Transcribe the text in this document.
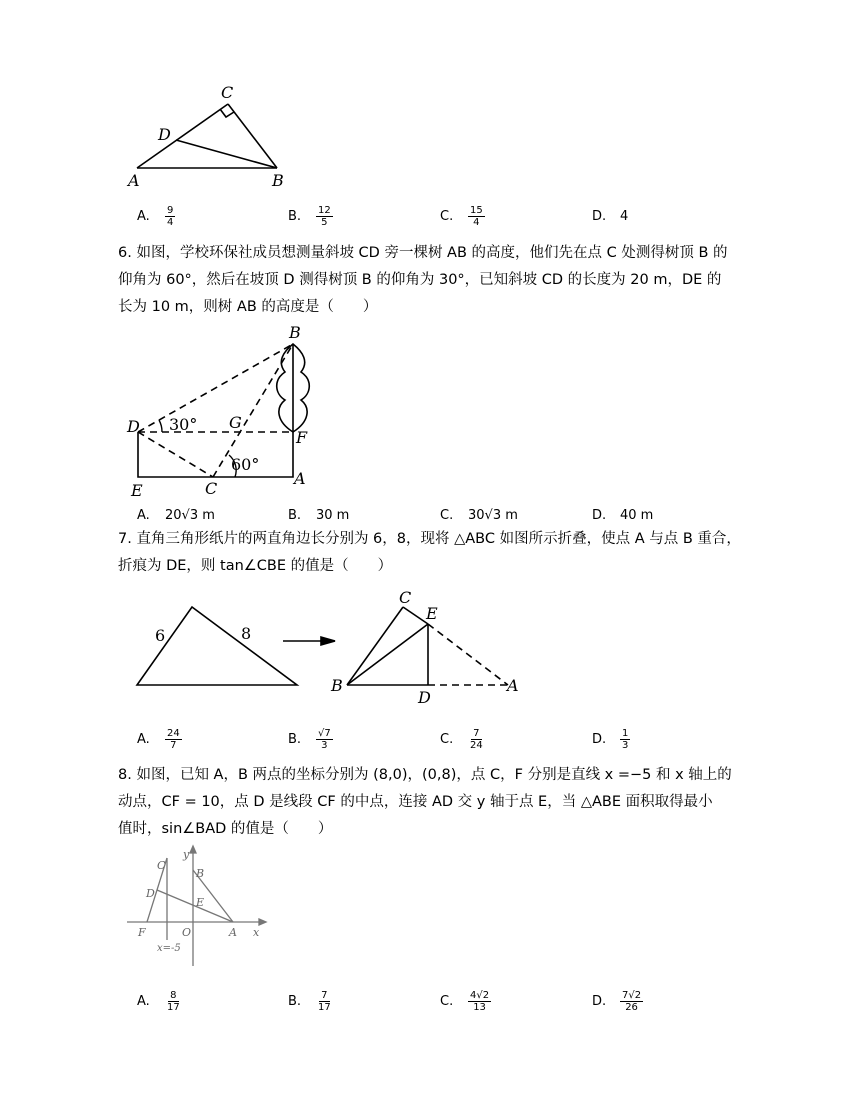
C
D
A	B
A.	$\frac{9}{4}$	B.	$\frac{12}{5}$	C.	$\frac{15}{4}$	D.	4
6. 如图，学校环保社成员想测量斜坡 CD 旁一棵树 AB 的高度，他们先在点 C 处测得树顶 B 的
仰角为 60°，然后在坡顶 D 测得树顶 B 的仰角为 30°，已知斜坡 CD 的长度为 20 m，DE 的
长为 10 m，则树 AB 的高度是（　　）
B
D 30° G
F
60°
E	C
A
A.	20√3 m	B.	30 m	C.	30√3 m	D.	40 m
7. 直角三角形纸片的两直角边长分别为 6，8，现将 △ABC 如图所示折叠，使点 A 与点 B 重合，
折痕为 DE，则 tan∠CBE 的值是（　　）
6	8
C
E
B
D
A
A.	$\frac{24}{7}$	B.	$\frac{√7}{3}$	C.	$\frac{7}{24}$	D.	$\frac{1}{3}$
8. 如图，已知 A，B 两点的坐标分别为 (8,0)，(0,8)，点 C，F 分别是直线 x =−5 和 x 轴上的
动点，CF = 10，点 D 是线段 CF 的中点，连接 AD 交 y 轴于点 E，当 △ABE 面积取得最小
值时，sin∠BAD 的值是（　　）
C
y
B
D
E
F	O	A x
x=-5
A.	$\frac{8}{17}$	B.	$\frac{7}{17}$	C.	$\frac{4√2}{13}$	D.	$\frac{7√2}{26}$
